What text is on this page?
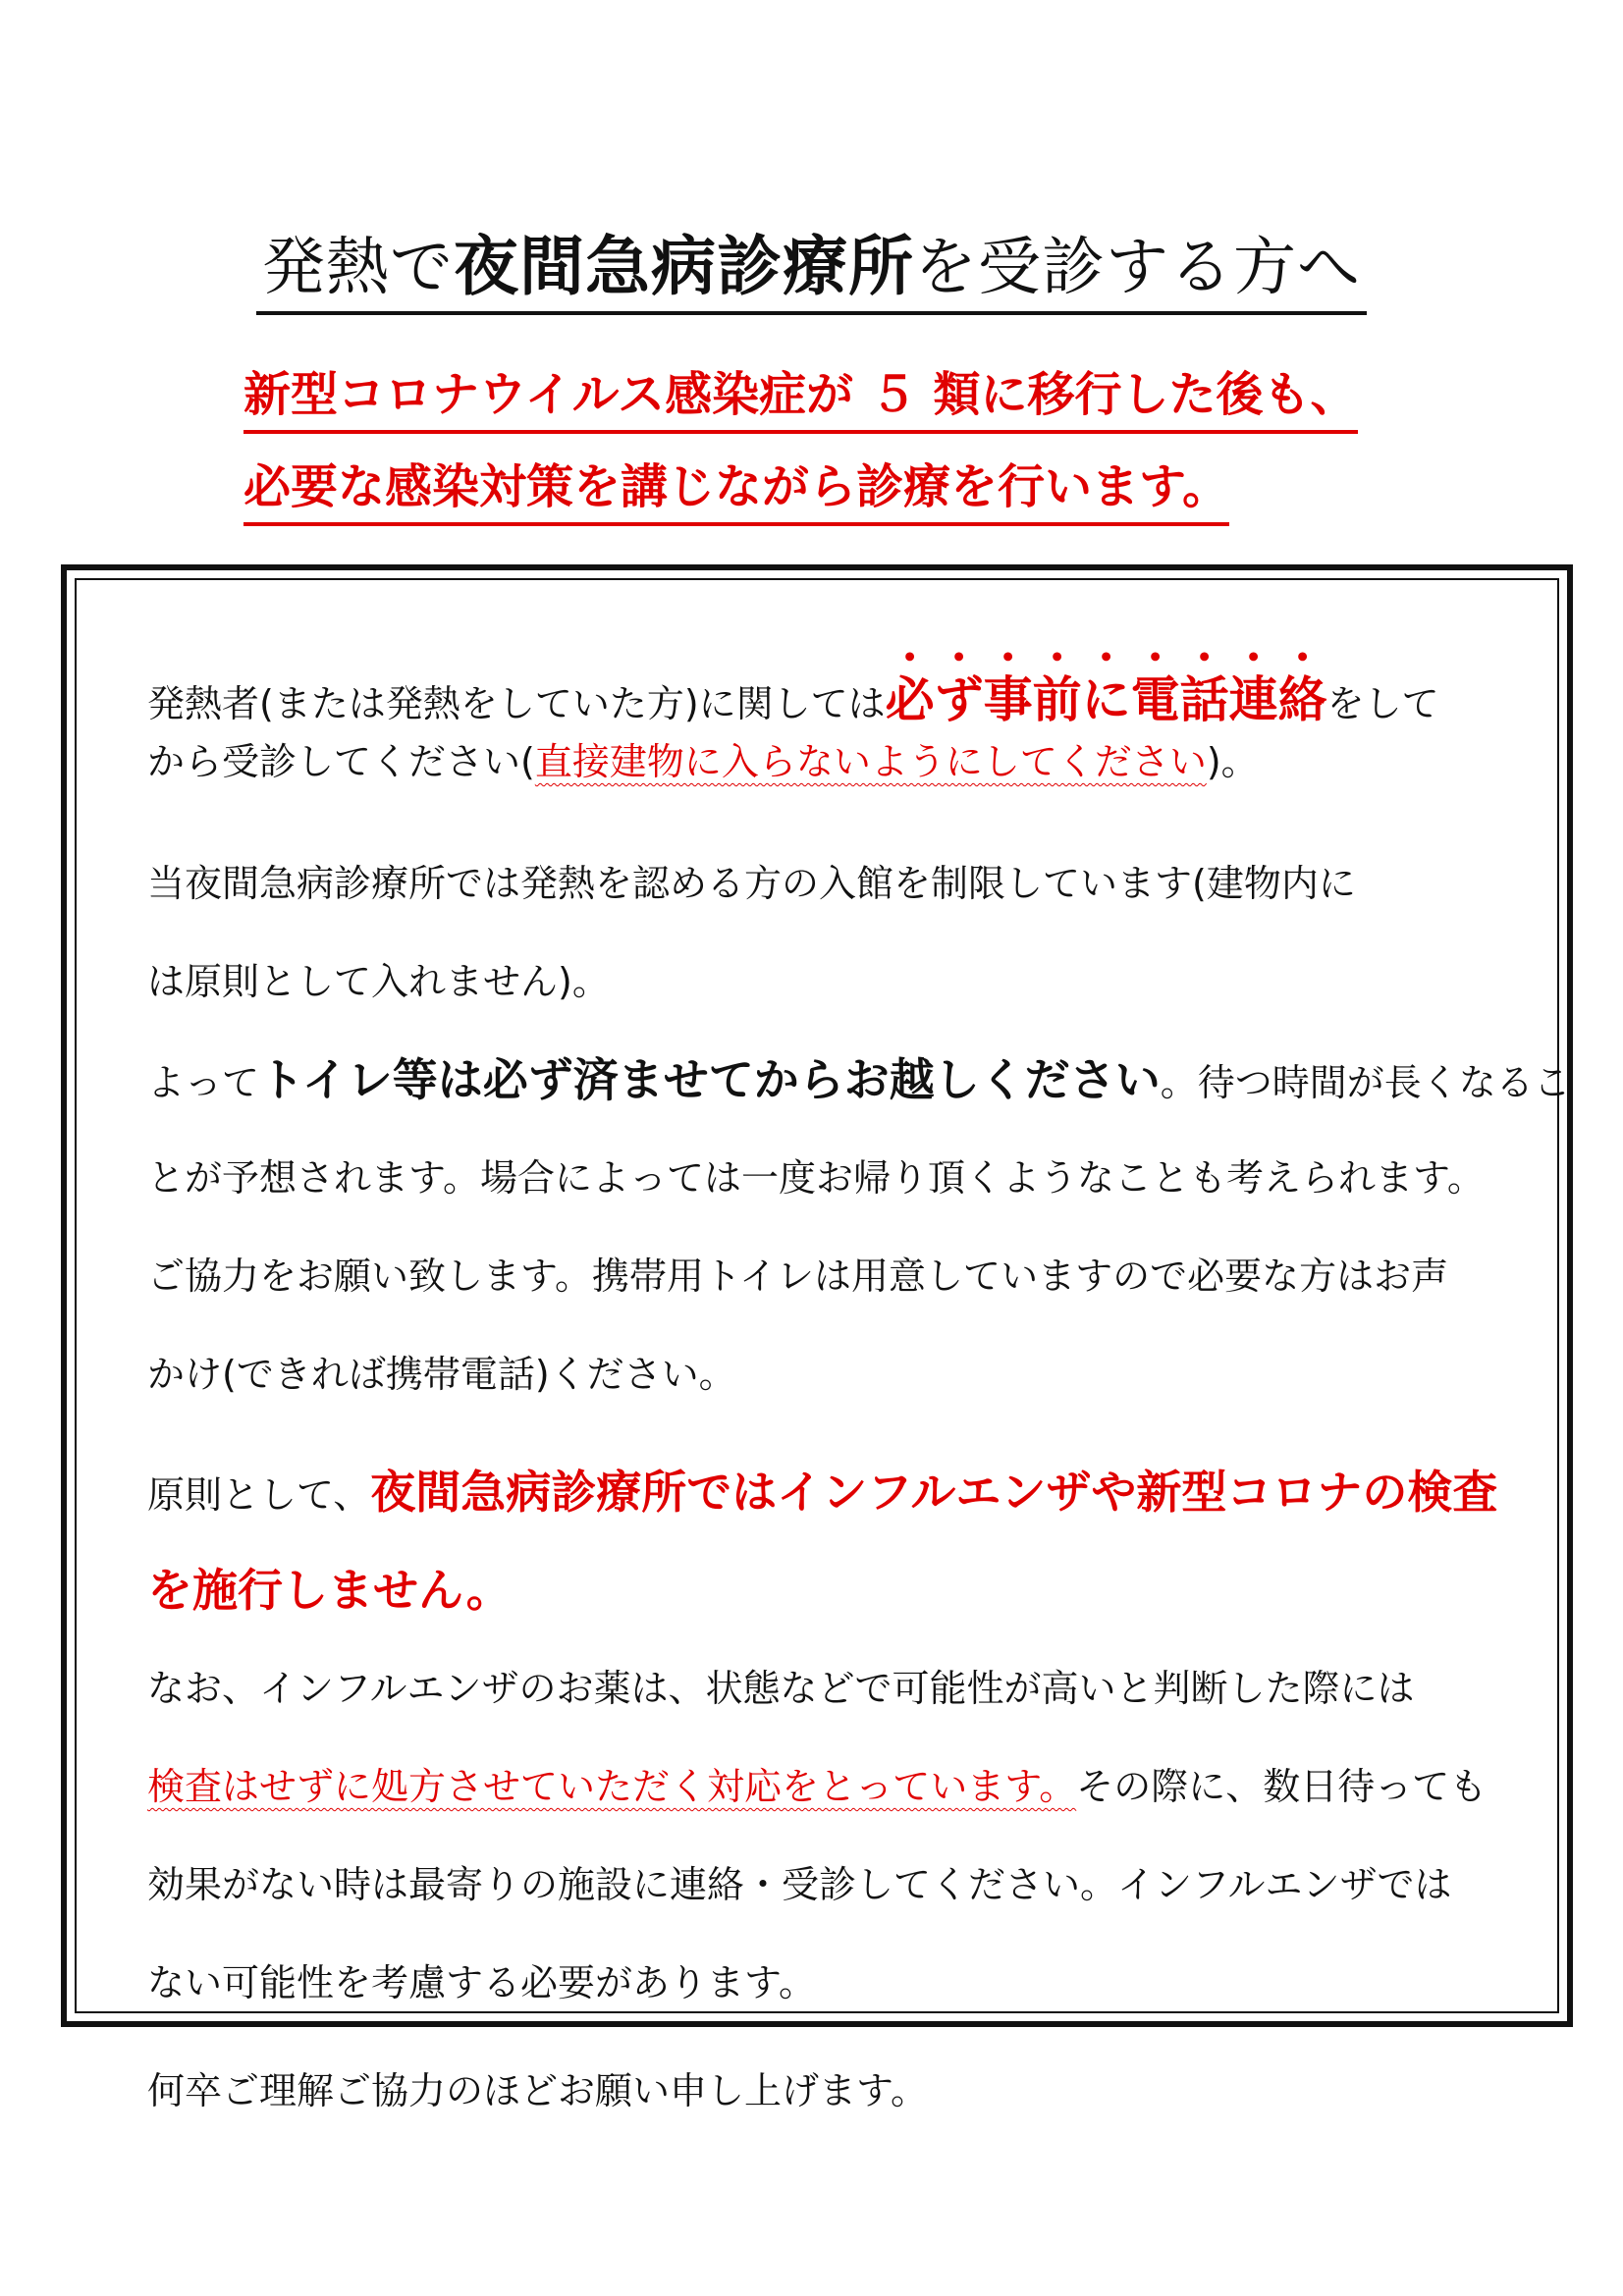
発熱で夜間急病診療所を受診する方へ
新型コロナウイルス感染症が ５ 類に移行した後も、
必要な感染対策を講じながら診療を行います。
発熱者(または発熱をしていた方)に関しては必ず事前に電話連絡をして
から受診してください(直接建物に入らないようにしてください)。
当夜間急病診療所では発熱を認める方の入館を制限しています(建物内に
は原則として入れません)。
よってトイレ等は必ず済ませてからお越しください。待つ時間が長くなるこ
とが予想されます。場合によっては一度お帰り頂くようなことも考えられます。
ご協力をお願い致します。携帯用トイレは用意していますので必要な方はお声
かけ(できれば携帯電話)ください。
原則として、夜間急病診療所ではインフルエンザや新型コロナの検査
を施行しません。
なお、インフルエンザのお薬は、状態などで可能性が高いと判断した際には
検査はせずに処方させていただく対応をとっています。その際に、数日待っても
効果がない時は最寄りの施設に連絡・受診してください。インフルエンザでは
ない可能性を考慮する必要があります。
何卒ご理解ご協力のほどお願い申し上げます。
